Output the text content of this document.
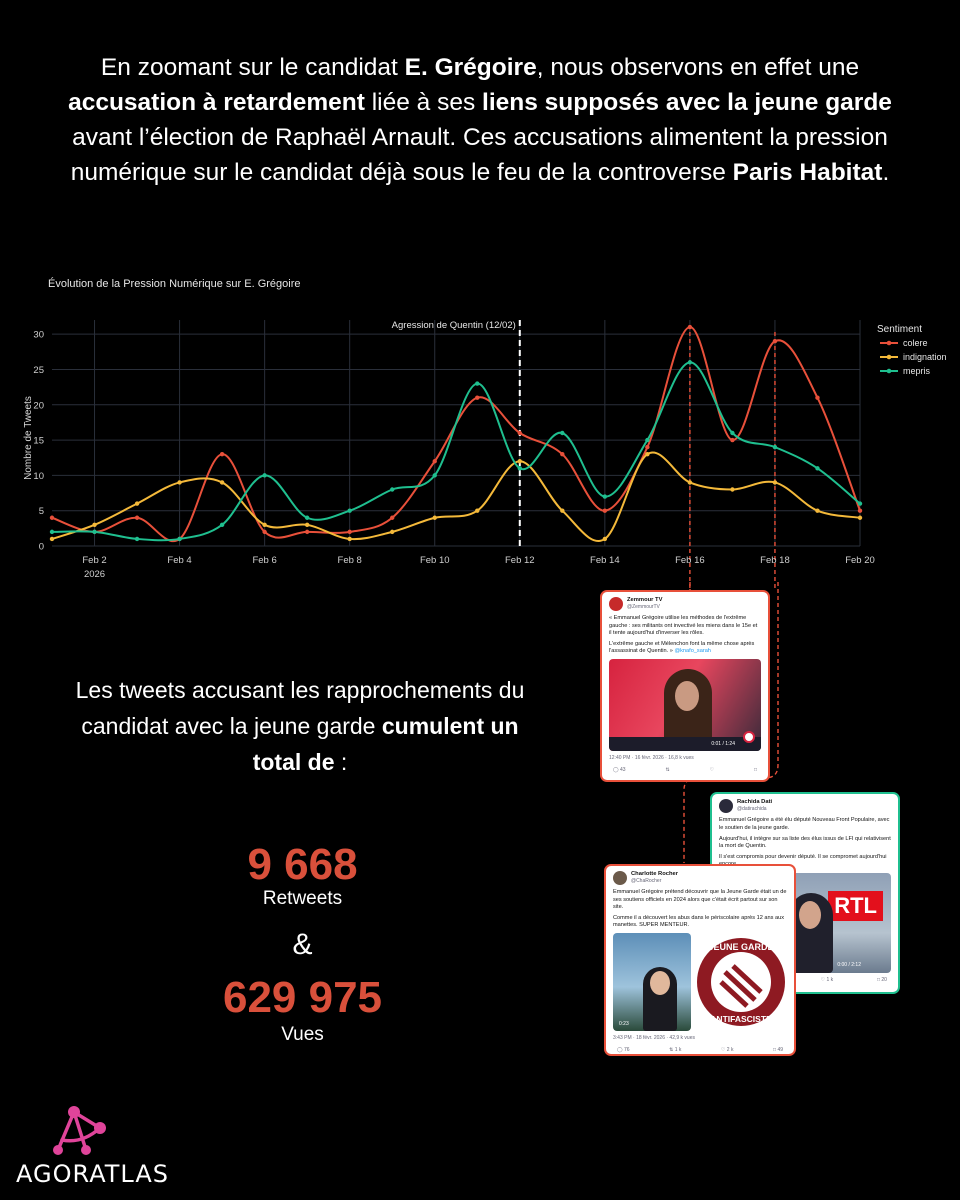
En zoomant sur le candidat E. Grégoire, nous observons en effet une accusation à retardement liée à ses liens supposés avec la jeune garde avant l’élection de Raphaël Arnault. Ces accusations alimentent la pression numérique sur le candidat déjà sous le feu de la controverse Paris Habitat.
Évolution de la Pression Numérique sur E. Grégoire
Nombre de Tweets
Agression de Quentin (12/02)
Feb 2
2026
Feb 4	Feb 6	Feb 8	Feb 10	Feb 12	Feb 14	Feb 16	Feb 18	Feb 20
0
5
10
15
20
25
30
Sentiment
colere
indignation
mepris
Les tweets accusant les rapprochements du candidat avec la jeune garde cumulent un total de :
9 668
Retweets
&
629 975
Vues
Zemmour TV
@ZemmourTV
« Emmanuel Grégoire utilise les méthodes de l'extrême gauche : ses militants ont invectivé les miens dans le 15e et il tente aujourd'hui d'inverser les rôles.
L'extrême gauche et Mélenchon font la même chose après l'assassinat de Quentin. » @knafo_sarah
0:01 / 1:24
12:40 PM · 16 févr. 2026 · 16,8 k vues
◯ 43	⇅	♡	□
Rachida Dati
@datirachida
Emmanuel Grégoire a été élu député Nouveau Front Populaire, avec le soutien de la jeune garde.
Aujourd'hui, il intègre sur sa liste des élus issus de LFI qui relativisent la mort de Quentin.
Il s'est compromis pour devenir député. Il se compromet aujourd'hui
RTL
0:00 / 2:12
♡ 1 k	□ 20
Charlotte Rocher
@ChaRocher
Emmanuel Grégoire prétend découvrir que la Jeune Garde était un de ses soutiens officiels en 2024 alors que c'était écrit partout sur son site.
Comme il a découvert les abus dans le périscolaire après 12 ans aux manettes. SUPER MENTEUR.
0:23
JEUNE GARDE
ANTIFASCISTE
3:43 PM · 18 févr. 2026 · 42,9 k vues
◯ 76	⇅ 1 k	♡ 2 k	□ 49
AGORATLAS
